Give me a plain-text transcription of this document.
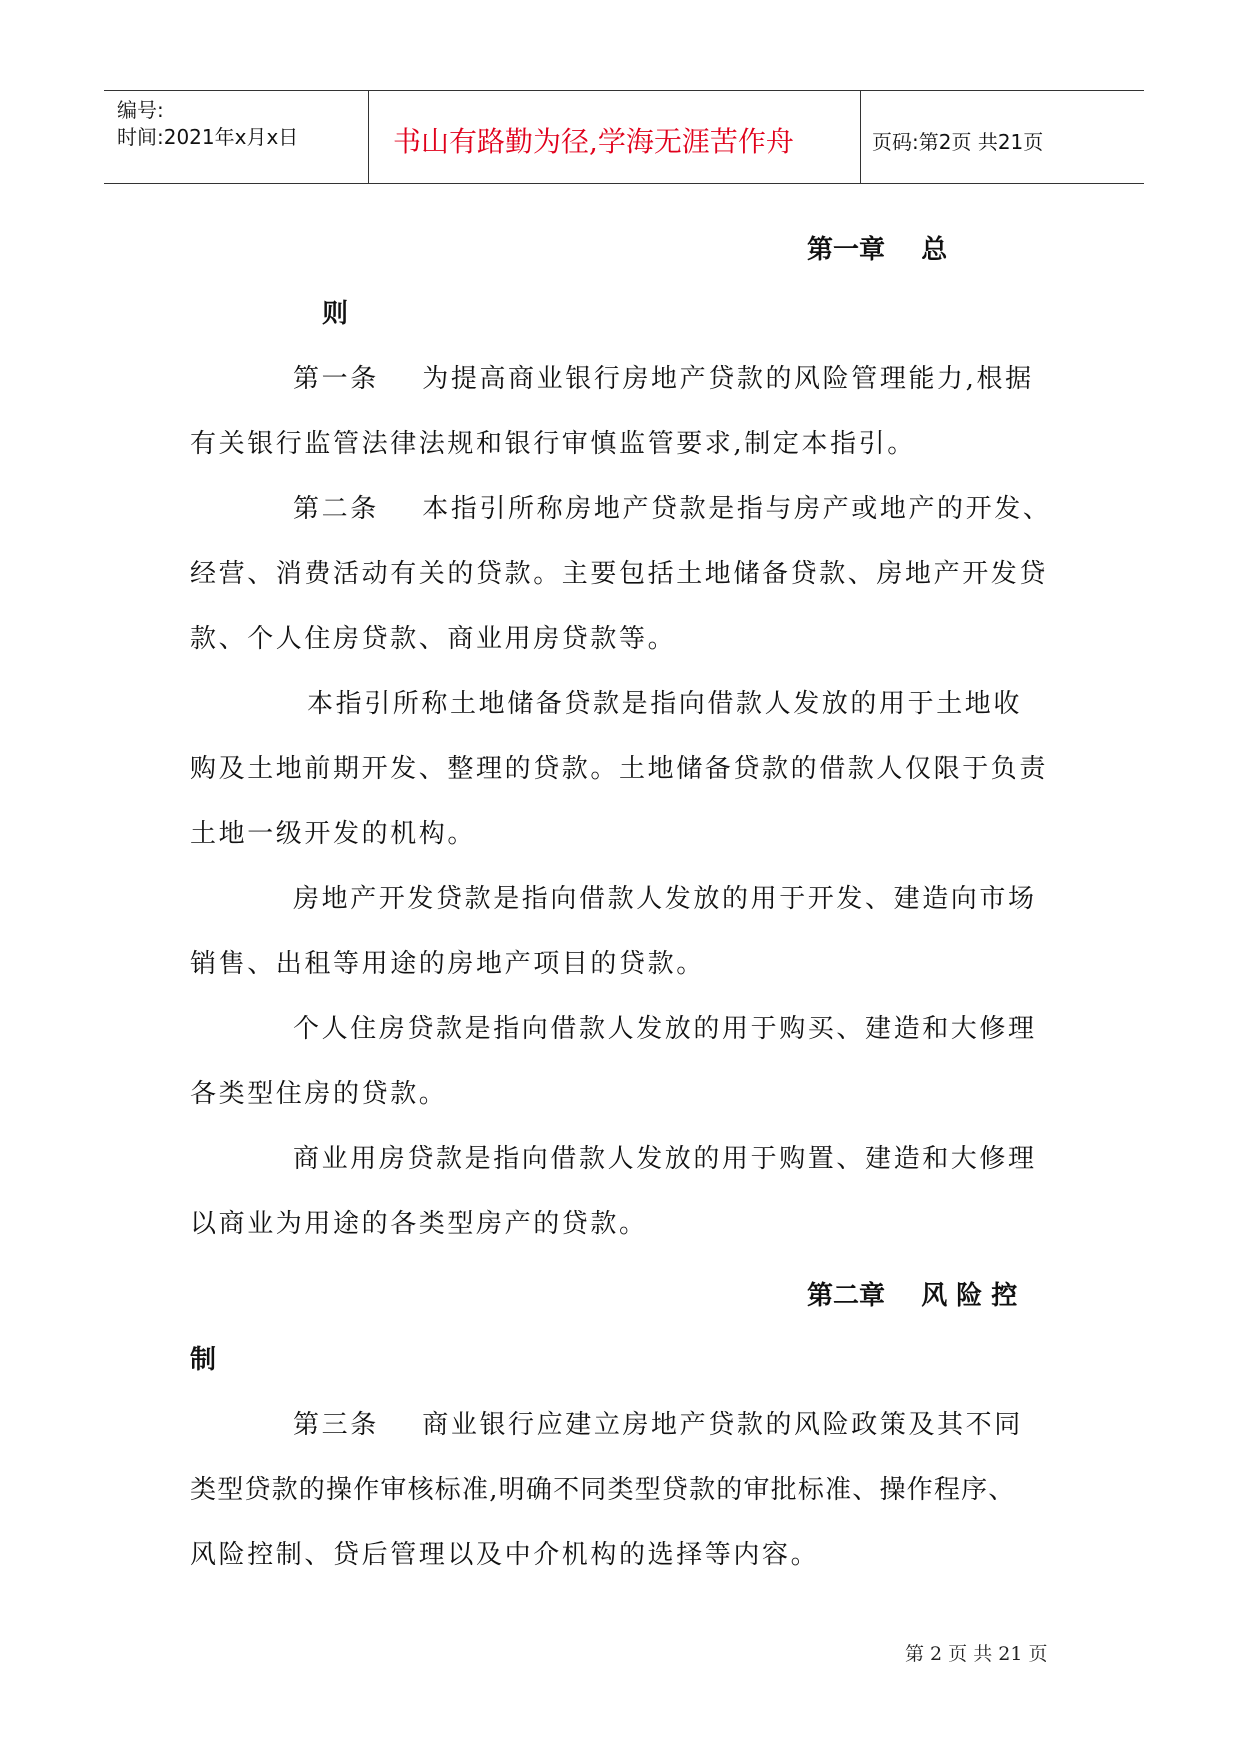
编号:
时间:2021年x月x日	书山有路勤为径,学海无涯苦作舟	页码:第2页 共21页
第一章    总
则
第一条    为提高商业银行房地产贷款的风险管理能力,根据
有关银行监管法律法规和银行审慎监管要求,制定本指引。
第二条    本指引所称房地产贷款是指与房产或地产的开发、
经营、消费活动有关的贷款。主要包括土地储备贷款、房地产开发贷
款、个人住房贷款、商业用房贷款等。
本指引所称土地储备贷款是指向借款人发放的用于土地收
购及土地前期开发、整理的贷款。土地储备贷款的借款人仅限于负责
土地一级开发的机构。
房地产开发贷款是指向借款人发放的用于开发、建造向市场
销售、出租等用途的房地产项目的贷款。
个人住房贷款是指向借款人发放的用于购买、建造和大修理
各类型住房的贷款。
商业用房贷款是指向借款人发放的用于购置、建造和大修理
以商业为用途的各类型房产的贷款。
第二章    风 险 控
制
第三条    商业银行应建立房地产贷款的风险政策及其不同
类型贷款的操作审核标准,明确不同类型贷款的审批标准、操作程序、
风险控制、贷后管理以及中介机构的选择等内容。
第 2 页 共 21 页
